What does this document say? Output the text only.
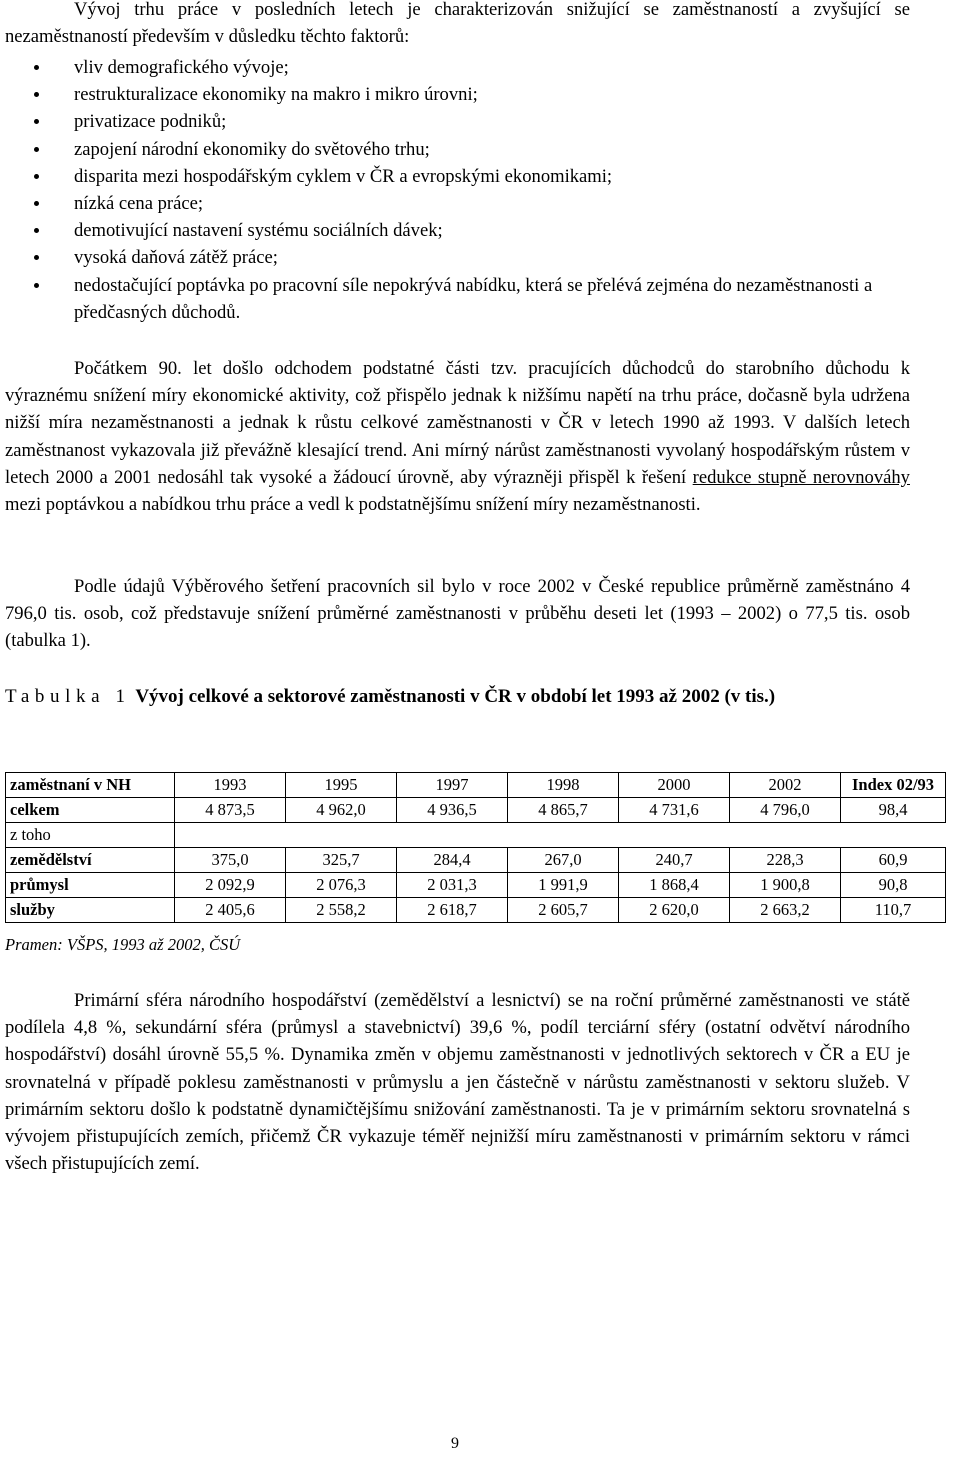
Vývoj trhu práce v posledních letech je charakterizován snižující se zaměstnaností a zvyšující se nezaměstnaností především v důsledku těchto faktorů:

vliv demografického vývoje;
restrukturalizace ekonomiky na makro i mikro úrovni;
privatizace podniků;
zapojení národní ekonomiky do světového trhu;
disparita mezi hospodářským cyklem v ČR a evropskými ekonomikami;
nízká cena práce;
demotivující nastavení systému sociálních dávek;
vysoká daňová zátěž práce;
nedostačující poptávka po pracovní síle nepokrývá nabídku, která se přelévá zejména do nezaměstnanosti a předčasných důchodů.

Počátkem 90. let došlo odchodem podstatné části tzv. pracujících důchodců do starobního důchodu k výraznému snížení míry ekonomické aktivity, což přispělo jednak k nižšímu napětí na trhu práce, dočasně byla udržena nižší míra nezaměstnanosti a jednak k růstu celkové zaměstnanosti v ČR v letech 1990 až 1993. V dalších letech zaměstnanost vykazovala již převážně klesající trend. Ani mírný nárůst zaměstnanosti vyvolaný hospodářským růstem v letech 2000 a 2001 nedosáhl tak vysoké a žádoucí úrovně, aby výrazněji přispěl k řešení redukce stupně nerovnováhy mezi poptávkou a nabídkou trhu práce a vedl k podstatnějšímu snížení míry nezaměstnanosti.

Podle údajů Výběrového šetření pracovních sil bylo v roce 2002 v České republice průměrně zaměstnáno 4 796,0 tis. osob, což představuje snížení průměrné zaměstnanosti v průběhu deseti let (1993 – 2002) o 77,5 tis. osob (tabulka 1).

Tabulka 1 Vývoj celkové a sektorové zaměstnanosti v ČR v období let 1993 až 2002 (v tis.)

zaměstnaní v NH	1993	1995	1997	1998	2000	2002	Index 02/93
celkem	4 873,5	4 962,0	4 936,5	4 865,7	4 731,6	4 796,0	98,4
z toho							
zemědělství	375,0	325,7	284,4	267,0	240,7	228,3	60,9
průmysl	2 092,9	2 076,3	2 031,3	1 991,9	1 868,4	1 900,8	90,8
služby	2 405,6	2 558,2	2 618,7	2 605,7	2 620,0	2 663,2	110,7

Pramen: VŠPS, 1993 až 2002, ČSÚ

Primární sféra národního hospodářství (zemědělství a lesnictví) se na roční průměrné zaměstnanosti ve státě podílela 4,8 %, sekundární sféra (průmysl a stavebnictví) 39,6 %, podíl terciární sféry (ostatní odvětví národního hospodářství) dosáhl úrovně 55,5 %. Dynamika změn v objemu zaměstnanosti v jednotlivých sektorech v ČR a EU je srovnatelná v případě poklesu zaměstnanosti v průmyslu a jen částečně v nárůstu zaměstnanosti v sektoru služeb. V primárním sektoru došlo k podstatně dynamičtějšímu snižování zaměstnanosti. Ta je v primárním sektoru srovnatelná s vývojem přistupujících zemích, přičemž ČR vykazuje téměř nejnižší míru zaměstnanosti v primárním sektoru v rámci všech přistupujících zemí.

9
